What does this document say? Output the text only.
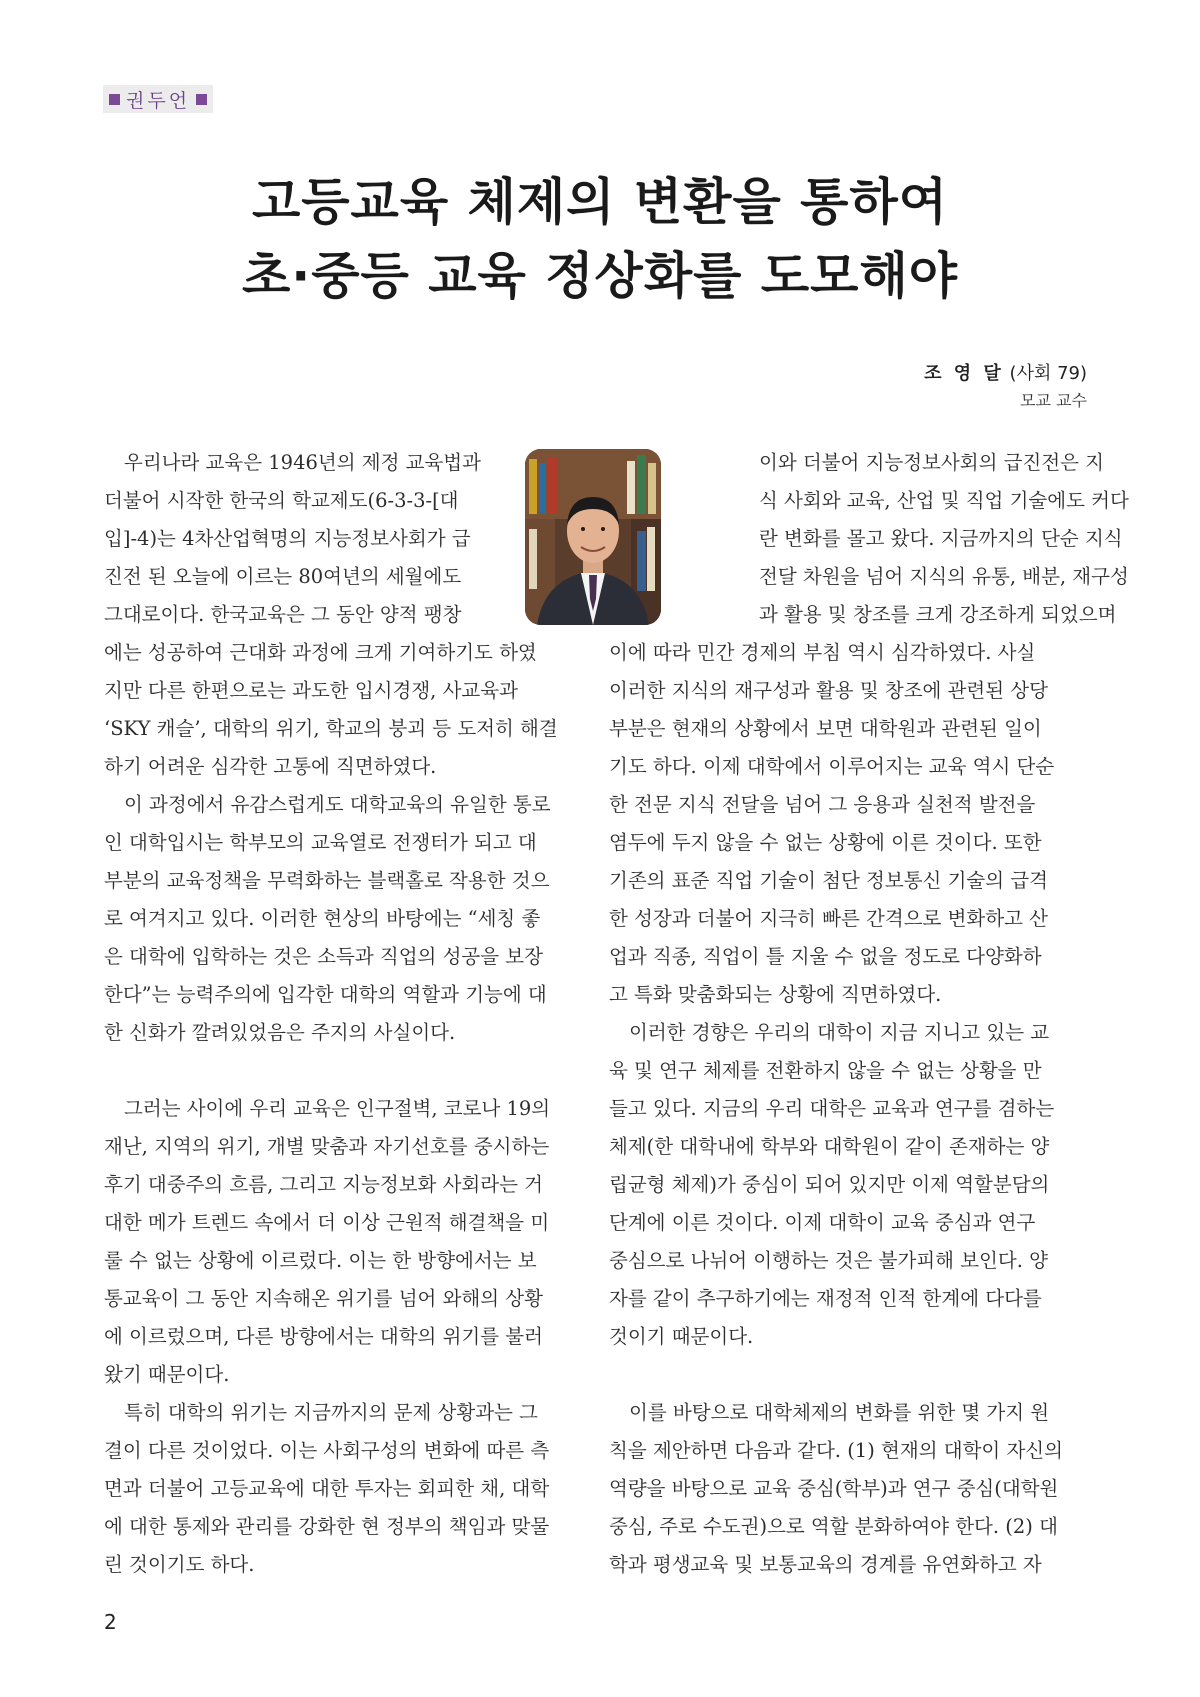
권두언
고등교육 체제의 변환을 통하여
초·중등 교육 정상화를 도모해야
조 영 달 (사회 79)
모교 교수
우리나라 교육은 1946년의 제정 교육법과
더불어 시작한 한국의 학교제도(6-3-3-[대
입]-4)는 4차산업혁명의 지능정보사회가 급
진전 된 오늘에 이르는 80여년의 세월에도
그대로이다. 한국교육은 그 동안 양적 팽창
에는 성공하여 근대화 과정에 크게 기여하기도 하였
지만 다른 한편으로는 과도한 입시경쟁, 사교육과
‘SKY 캐슬’, 대학의 위기, 학교의 붕괴 등 도저히 해결
하기 어려운 심각한 고통에 직면하였다.
이 과정에서 유감스럽게도 대학교육의 유일한 통로
인 대학입시는 학부모의 교육열로 전쟁터가 되고 대
부분의 교육정책을 무력화하는 블랙홀로 작용한 것으
로 여겨지고 있다. 이러한 현상의 바탕에는 “세칭 좋
은 대학에 입학하는 것은 소득과 직업의 성공을 보장
한다”는 능력주의에 입각한 대학의 역할과 기능에 대
한 신화가 깔려있었음은 주지의 사실이다.
그러는 사이에 우리 교육은 인구절벽, 코로나 19의
재난, 지역의 위기, 개별 맞춤과 자기선호를 중시하는
후기 대중주의 흐름, 그리고 지능정보화 사회라는 거
대한 메가 트렌드 속에서 더 이상 근원적 해결책을 미
룰 수 없는 상황에 이르렀다. 이는 한 방향에서는 보
통교육이 그 동안 지속해온 위기를 넘어 와해의 상황
에 이르렀으며, 다른 방향에서는 대학의 위기를 불러
왔기 때문이다.
특히 대학의 위기는 지금까지의 문제 상황과는 그
결이 다른 것이었다. 이는 사회구성의 변화에 따른 측
면과 더불어 고등교육에 대한 투자는 회피한 채, 대학
에 대한 통제와 관리를 강화한 현 정부의 책임과 맞물
린 것이기도 하다.
이와 더불어 지능정보사회의 급진전은 지
식 사회와 교육, 산업 및 직업 기술에도 커다
란 변화를 몰고 왔다. 지금까지의 단순 지식
전달 차원을 넘어 지식의 유통, 배분, 재구성
과 활용 및 창조를 크게 강조하게 되었으며
이에 따라 민간 경제의 부침 역시 심각하였다. 사실
이러한 지식의 재구성과 활용 및 창조에 관련된 상당
부분은 현재의 상황에서 보면 대학원과 관련된 일이
기도 하다. 이제 대학에서 이루어지는 교육 역시 단순
한 전문 지식 전달을 넘어 그 응용과 실천적 발전을
염두에 두지 않을 수 없는 상황에 이른 것이다. 또한
기존의 표준 직업 기술이 첨단 정보통신 기술의 급격
한 성장과 더불어 지극히 빠른 간격으로 변화하고 산
업과 직종, 직업이 틀 지울 수 없을 정도로 다양화하
고 특화 맞춤화되는 상황에 직면하였다.
이러한 경향은 우리의 대학이 지금 지니고 있는 교
육 및 연구 체제를 전환하지 않을 수 없는 상황을 만
들고 있다. 지금의 우리 대학은 교육과 연구를 겸하는
체제(한 대학내에 학부와 대학원이 같이 존재하는 양
립균형 체제)가 중심이 되어 있지만 이제 역할분담의
단계에 이른 것이다. 이제 대학이 교육 중심과 연구
중심으로 나뉘어 이행하는 것은 불가피해 보인다. 양
자를 같이 추구하기에는 재정적 인적 한계에 다다를
것이기 때문이다.
이를 바탕으로 대학체제의 변화를 위한 몇 가지 원
칙을 제안하면 다음과 같다. (1) 현재의 대학이 자신의
역량을 바탕으로 교육 중심(학부)과 연구 중심(대학원
중심, 주로 수도권)으로 역할 분화하여야 한다. (2) 대
학과 평생교육 및 보통교육의 경계를 유연화하고 자
2
